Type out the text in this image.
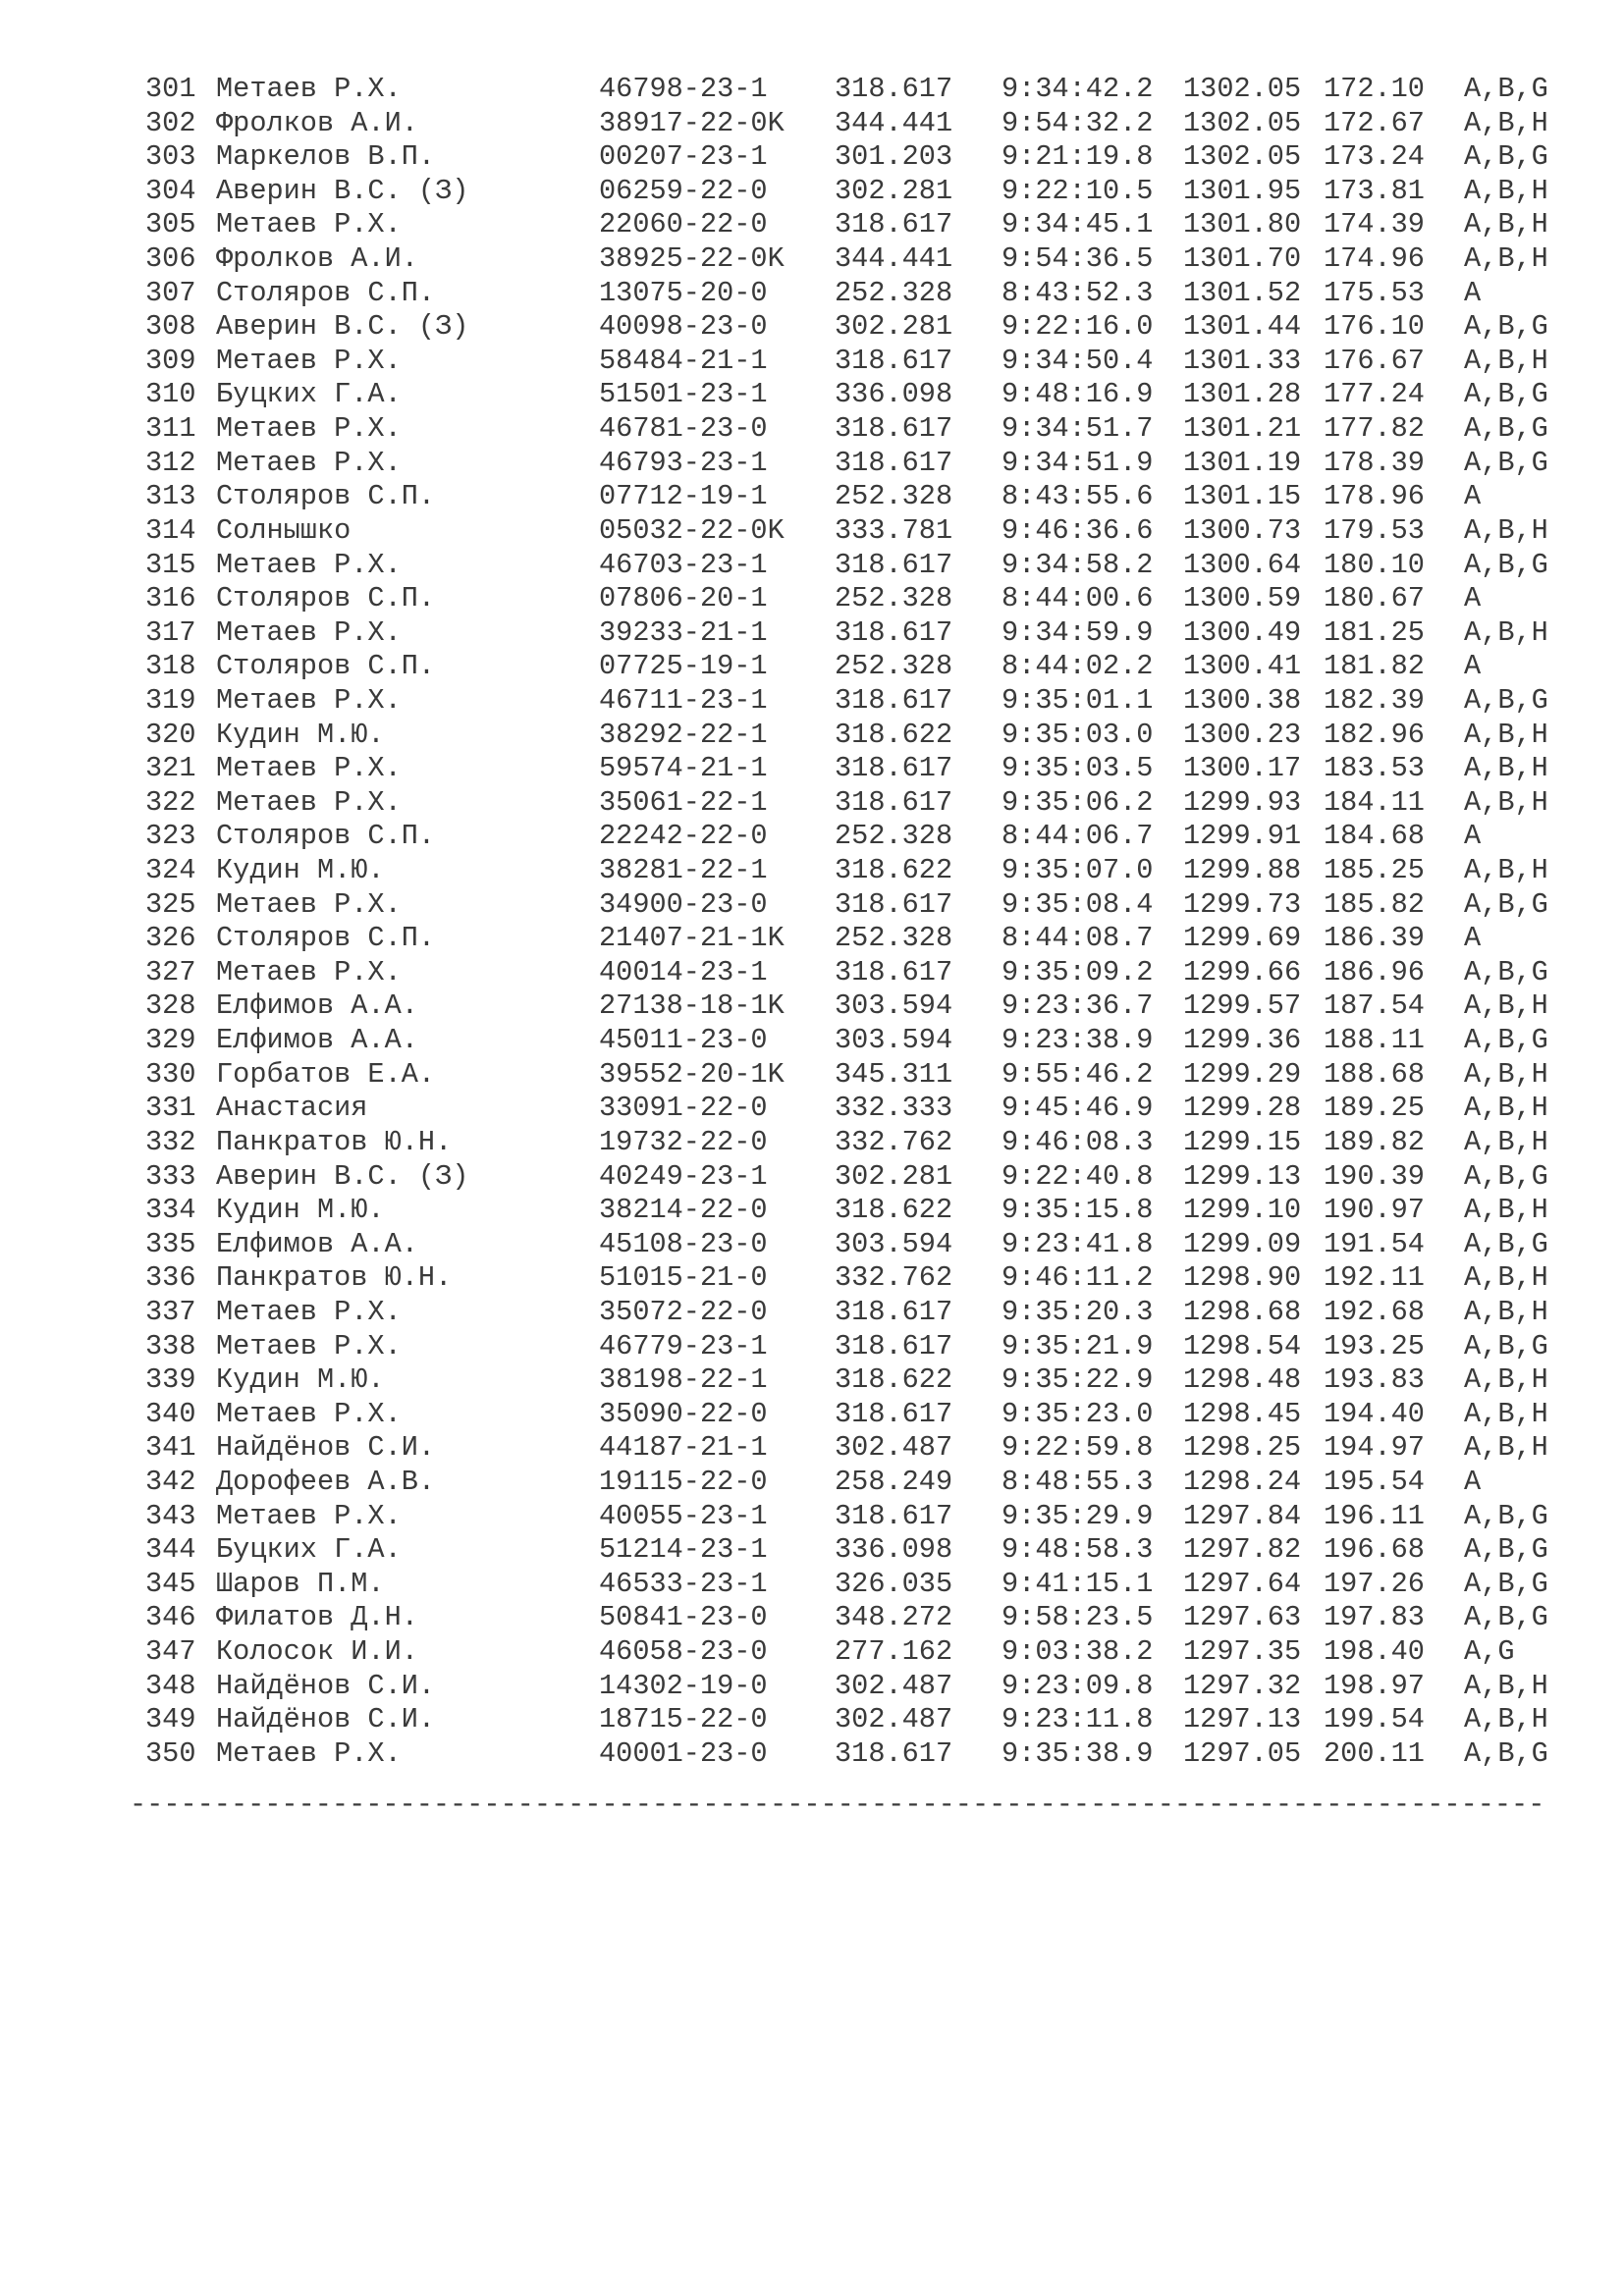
301 Метаев Р.Х.	46798-23-1 318.617 9:34:42.2 1302.05 172.10 A,B,G
302 Фролков А.И.	38917-22-0K 344.441 9:54:32.2 1302.05 172.67 A,B,H
303 Маркелов В.П.	00207-23-1 301.203 9:21:19.8 1302.05 173.24 A,B,G
304 Аверин В.С. (З)	06259-22-0 302.281 9:22:10.5 1301.95 173.81 A,B,H
305 Метаев Р.Х.	22060-22-0 318.617 9:34:45.1 1301.80 174.39 A,B,H
306 Фролков А.И.	38925-22-0K 344.441 9:54:36.5 1301.70 174.96 A,B,H
307 Столяров С.П.	13075-20-0 252.328 8:43:52.3 1301.52 175.53 A
308 Аверин В.С. (З)	40098-23-0 302.281 9:22:16.0 1301.44 176.10 A,B,G
309 Метаев Р.Х.	58484-21-1 318.617 9:34:50.4 1301.33 176.67 A,B,H
310 Буцких Г.А.	51501-23-1 336.098 9:48:16.9 1301.28 177.24 A,B,G
311 Метаев Р.Х.	46781-23-0 318.617 9:34:51.7 1301.21 177.82 A,B,G
312 Метаев Р.Х.	46793-23-1 318.617 9:34:51.9 1301.19 178.39 A,B,G
313 Столяров С.П.	07712-19-1 252.328 8:43:55.6 1301.15 178.96 A
314 Солнышко	05032-22-0K 333.781 9:46:36.6 1300.73 179.53 A,B,H
315 Метаев Р.Х.	46703-23-1 318.617 9:34:58.2 1300.64 180.10 A,B,G
316 Столяров С.П.	07806-20-1 252.328 8:44:00.6 1300.59 180.67 A
317 Метаев Р.Х.	39233-21-1 318.617 9:34:59.9 1300.49 181.25 A,B,H
318 Столяров С.П.	07725-19-1 252.328 8:44:02.2 1300.41 181.82 A
319 Метаев Р.Х.	46711-23-1 318.617 9:35:01.1 1300.38 182.39 A,B,G
320 Кудин М.Ю.	38292-22-1 318.622 9:35:03.0 1300.23 182.96 A,B,H
321 Метаев Р.Х.	59574-21-1 318.617 9:35:03.5 1300.17 183.53 A,B,H
322 Метаев Р.Х.	35061-22-1 318.617 9:35:06.2 1299.93 184.11 A,B,H
323 Столяров С.П.	22242-22-0 252.328 8:44:06.7 1299.91 184.68 A
324 Кудин М.Ю.	38281-22-1 318.622 9:35:07.0 1299.88 185.25 A,B,H
325 Метаев Р.Х.	34900-23-0 318.617 9:35:08.4 1299.73 185.82 A,B,G
326 Столяров С.П.	21407-21-1K 252.328 8:44:08.7 1299.69 186.39 A
327 Метаев Р.Х.	40014-23-1 318.617 9:35:09.2 1299.66 186.96 A,B,G
328 Елфимов А.А.	27138-18-1K 303.594 9:23:36.7 1299.57 187.54 A,B,H
329 Елфимов А.А.	45011-23-0 303.594 9:23:38.9 1299.36 188.11 A,B,G
330 Горбатов Е.А.	39552-20-1K 345.311 9:55:46.2 1299.29 188.68 A,B,H
331 Анастасия	33091-22-0 332.333 9:45:46.9 1299.28 189.25 A,B,H
332 Панкратов Ю.Н.	19732-22-0 332.762 9:46:08.3 1299.15 189.82 A,B,H
333 Аверин В.С. (З)	40249-23-1 302.281 9:22:40.8 1299.13 190.39 A,B,G
334 Кудин М.Ю.	38214-22-0 318.622 9:35:15.8 1299.10 190.97 A,B,H
335 Елфимов А.А.	45108-23-0 303.594 9:23:41.8 1299.09 191.54 A,B,G
336 Панкратов Ю.Н.	51015-21-0 332.762 9:46:11.2 1298.90 192.11 A,B,H
337 Метаев Р.Х.	35072-22-0 318.617 9:35:20.3 1298.68 192.68 A,B,H
338 Метаев Р.Х.	46779-23-1 318.617 9:35:21.9 1298.54 193.25 A,B,G
339 Кудин М.Ю.	38198-22-1 318.622 9:35:22.9 1298.48 193.83 A,B,H
340 Метаев Р.Х.	35090-22-0 318.617 9:35:23.0 1298.45 194.40 A,B,H
341 Найдёнов С.И.	44187-21-1 302.487 9:22:59.8 1298.25 194.97 A,B,H
342 Дорофеев А.В.	19115-22-0 258.249 8:48:55.3 1298.24 195.54 A
343 Метаев Р.Х.	40055-23-1 318.617 9:35:29.9 1297.84 196.11 A,B,G
344 Буцких Г.А.	51214-23-1 336.098 9:48:58.3 1297.82 196.68 A,B,G
345 Шаров П.М.	46533-23-1 326.035 9:41:15.1 1297.64 197.26 A,B,G
346 Филатов Д.Н.	50841-23-0 348.272 9:58:23.5 1297.63 197.83 A,B,G
347 Колосок И.И.	46058-23-0 277.162 9:03:38.2 1297.35 198.40 A,G
348 Найдёнов С.И.	14302-19-0 302.487 9:23:09.8 1297.32 198.97 A,B,H
349 Найдёнов С.И.	18715-22-0 302.487 9:23:11.8 1297.13 199.54 A,B,H
350 Метаев Р.Х.	40001-23-0 318.617 9:35:38.9 1297.05 200.11 A,B,G
------------------------------------------------------------------------------------
